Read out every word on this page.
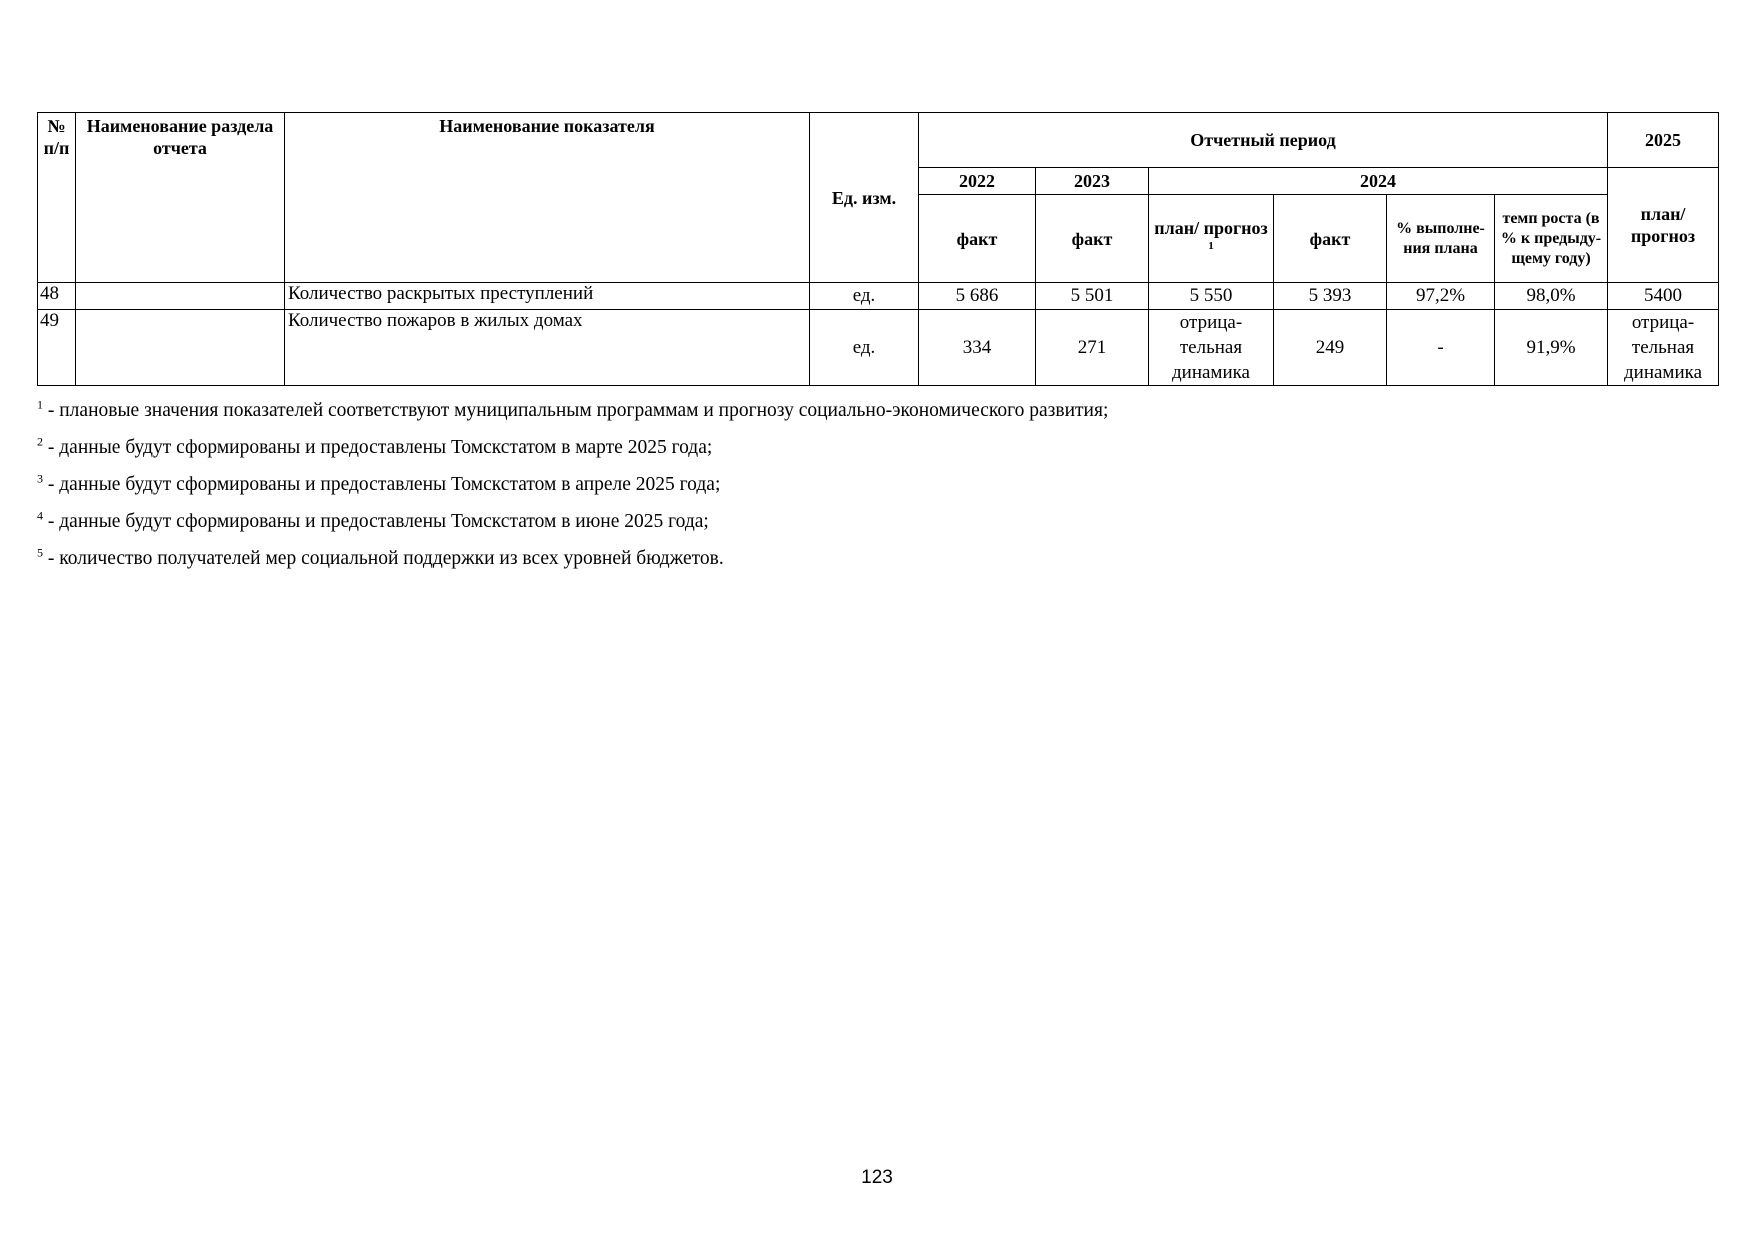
№ п/п	Наименование раздела отчета	Наименование показателя	Ед. изм.	Отчетный период						2025
				2022	2023	2024				план/ прогноз
				факт	факт	план/ прогноз $^1$	факт	% выполне-ния плана	темп роста (в % к предыду-щему году)	
48		Количество раскрытых преступлений	ед.	5 686	5 501	5 550	5 393	97,2%	98,0%	5400
49		Количество пожаров в жилых домах	ед.	334	271	отрица-тельная динамика	249	-	91,9%	отрица-тельная динамика
$^1$ - плановые значения показателей соответствуют муниципальным программам и прогнозу социально-экономического развития;
$^2$ - данные будут сформированы и предоставлены Томскстатом в марте 2025 года;
$^3$ - данные будут сформированы и предоставлены Томскстатом в апреле 2025 года;
$^4$ - данные будут сформированы и предоставлены Томскстатом в июне 2025 года;
$^5$ - количество получателей мер социальной поддержки из всех уровней бюджетов.
123
